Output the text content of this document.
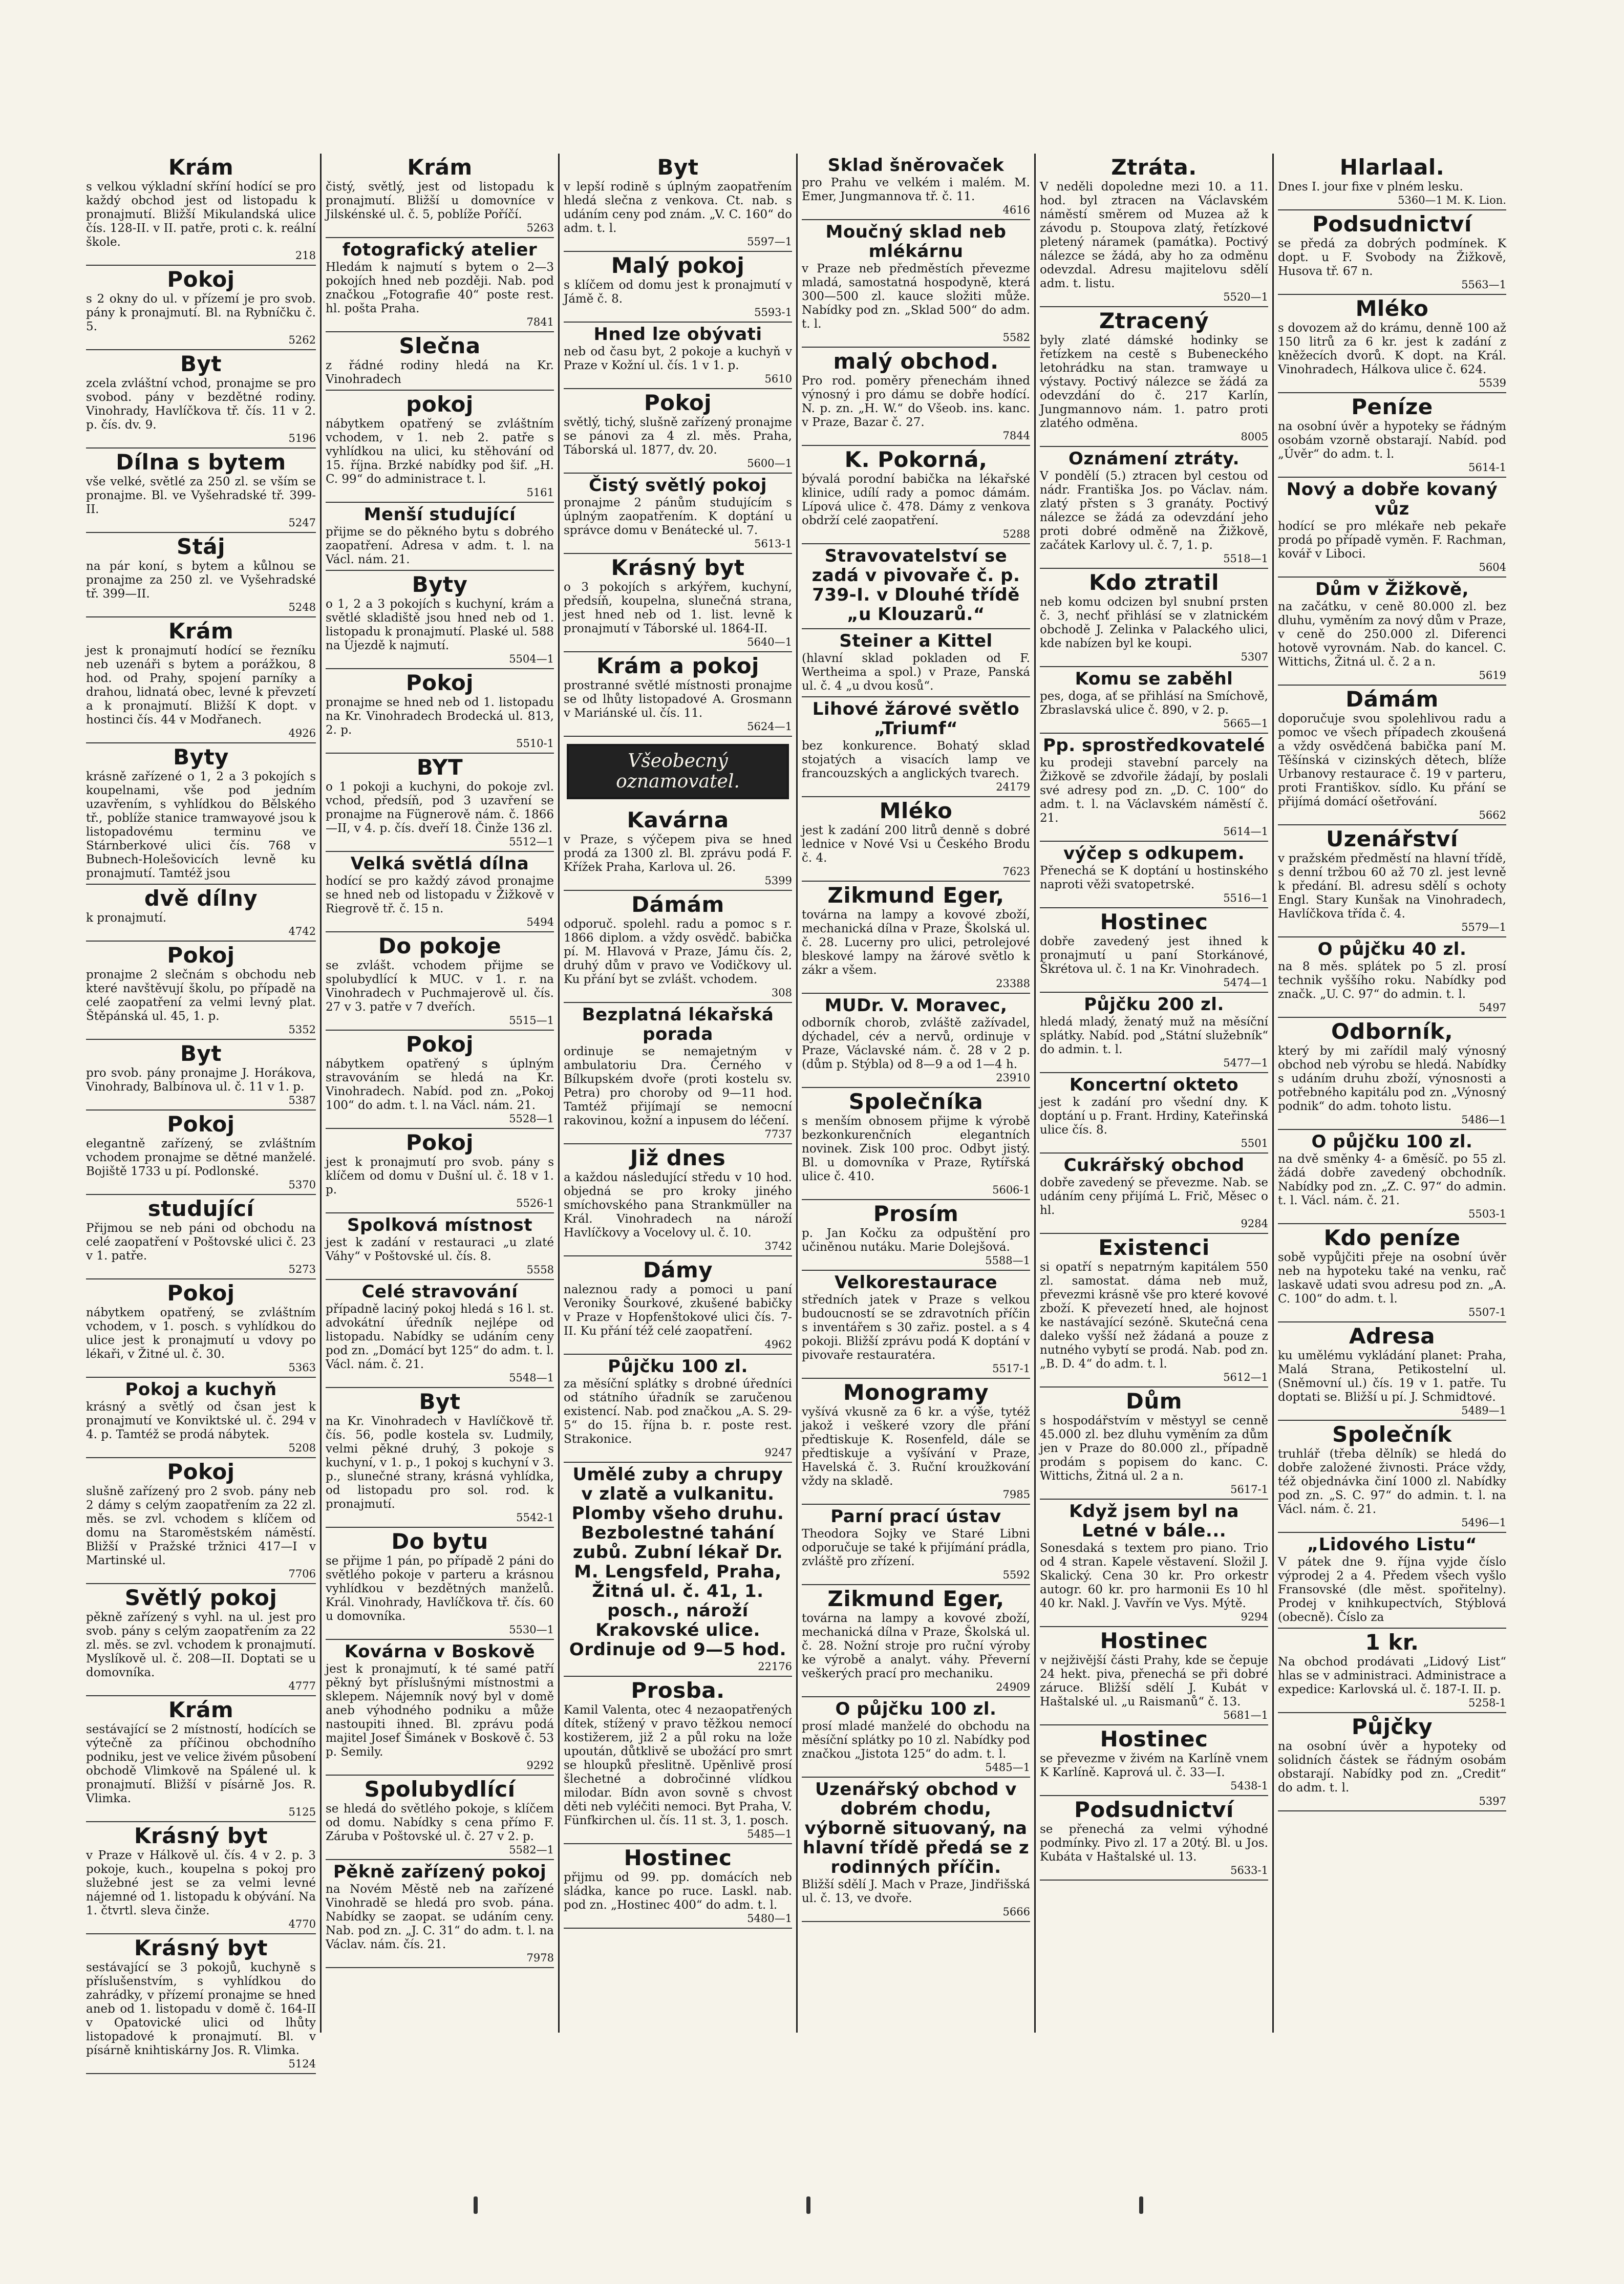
Krám

s velkou výkladní skříní hodící se pro každý obchod jest od listopadu k pronajmutí. Bližší Mikulandská ulice čís. 128-II. v II. patře, proti c. k. reální škole.

218

Pokoj

s 2 okny do ul. v přízemí je pro svob. pány k pronajmutí. Bl. na Rybníčku č. 5.

5262

Byt

zcela zvláštní vchod, pronajme se pro svobod. pány v bezdětné rodiny. Vinohrady, Havlíčkova tř. čís. 11 v 2. p. čís. dv. 9.

5196

Dílna s bytem

vše velké, světlé za 250 zl. se vším se pronajme. Bl. ve Vyšehradské tř. 399-II.

5247

Stáj

na pár koní, s bytem a kůlnou se pronajme za 250 zl. ve Vyšehradské tř. 399—II.

5248

Krám

jest k pronajmutí hodící se řezníku neb uzenáři s bytem a porážkou, 8 hod. od Prahy, spojení parníky a drahou, lidnatá obec, levné k převzetí a k pronajmutí. Bližší K dopt. v hostinci čís. 44 v Modřanech.

4926

Byty

krásně zařízené o 1, 2 a 3 pokojích s koupelnami, vše pod jedním uzavřením, s vyhlídkou do Bělského tř., poblíže stanice tramwayové jsou k listopadovému terminu ve Stárnberkové ulici čís. 768 v Bubnech-Holešovicích levně ku pronajmutí. Tamtéž jsou

dvě dílny

k pronajmutí.

4742

Pokoj

pronajme 2 slečnám s obchodu neb které navštěvují školu, po případě na celé zaopatření za velmi levný plat. Štěpánská ul. 45, 1. p.

5352

Byt

pro svob. pány pronajme J. Horákova, Vinohrady, Balbínova ul. č. 11 v 1. p.

5387

Pokoj

elegantně zařízený, se zvláštním vchodem pronajme se dětné manželé. Bojiště 1733 u pí. Podlonské.

5370

studující

Přijmou se neb páni od obchodu na celé zaopatření v Poštovské ulici č. 23 v 1. patře.

5273

Pokoj

nábytkem opatřený, se zvláštním vchodem, v 1. posch. s vyhlídkou do ulice jest k pronajmutí u vdovy po lékaři, v Žitné ul. č. 30.

5363

Pokoj a kuchyň

krásný a světlý od čsan jest k pronajmutí ve Konviktské ul. č. 294 v 4. p. Tamtéž se prodá nábytek.

5208

Pokoj

slušně zařízený pro 2 svob. pány neb 2 dámy s celým zaopatřením za 22 zl. měs. se zvl. vchodem s klíčem od domu na Staroměstském náměstí. Bližší v Pražské tržnici 417—I v Martinské ul.

7706

Světlý pokoj

pěkně zařízený s vyhl. na ul. jest pro svob. pány s celým zaopatřením za 22 zl. měs. se zvl. vchodem k pronajmutí. Myslíkově ul. č. 208—II. Doptati se u domovníka.

4777

Krám

sestávající se 2 místností, hodících se výtečně za příčinou obchodního podniku, jest ve velice živém působení obchodě Vlimkově na Spálené ul. k pronajmutí. Bližší v písárně Jos. R. Vlimka.

5125

Krásný byt

v Praze v Hálkově ul. čís. 4 v 2. p. 3 pokoje, kuch., koupelna s pokoj pro služebné jest se za velmi levné nájemné od 1. listopadu k obývání. Na 1. čtvrtl. sleva činže.

4770

Krásný byt

sestávající se 3 pokojů, kuchyně s příslušenstvím, s vyhlídkou do zahrádky, v přízemí pronajme se hned aneb od 1. listopadu v domě č. 164-II v Opatovické ulici od lhůty listopadové k pronajmutí. Bl. v písárně knihtiskárny Jos. R. Vlimka.

5124

Krám

čistý, světlý, jest od listopadu k pronajmutí. Bližší u domovníce v Jilskénské ul. č. 5, poblíže Poříčí.

5263

fotografický atelier

Hledám k najmutí s bytem o 2—3 pokojích hned neb později. Nab. pod značkou „Fotografie 40“ poste rest. hl. pošta Praha.

7841

Slečna

z řádné rodiny hledá na Kr. Vinohradech

pokoj

nábytkem opatřený se zvláštním vchodem, v 1. neb 2. patře s vyhlídkou na ulici, ku stěhování od 15. října. Brzké nabídky pod šif. „H. C. 99“ do administrace t. l.

5161

Menší studující

přijme se do pěkného bytu s dobrého zaopatření. Adresa v adm. t. l. na Václ. nám. 21.

Byty

o 1, 2 a 3 pokojích s kuchyní, krám a světlé skladiště jsou hned neb od 1. listopadu k pronajmutí. Plaské ul. 588 na Újezdě k najmutí.

5504—1

Pokoj

pronajme se hned neb od 1. listopadu na Kr. Vinohradech Brodecká ul. 813, 2. p.

5510-1

BYT

o 1 pokoji a kuchyni, do pokoje zvl. vchod, předsíň, pod 3 uzavření se pronajme na Fügnerově nám. č. 1866—II, v 4. p. čís. dveří 18. Činže 136 zl.

5512—1

Velká světlá dílna

hodící se pro každý závod pronajme se hned neb od listopadu v Žižkově v Riegrově tř. č. 15 n.

5494

Do pokoje

se zvlášt. vchodem přijme se spolubydlící k MUC. v 1. r. na Vinohradech v Puchmajerově ul. čís. 27 v 3. patře v 7 dveřích.

5515—1

Pokoj

nábytkem opatřený s úplným stravováním se hledá na Kr. Vinohradech. Nabíd. pod zn. „Pokoj 100“ do adm. t. l. na Václ. nám. 21.

5528—1

Pokoj

jest k pronajmutí pro svob. pány s klíčem od domu v Dušní ul. č. 18 v 1. p.

5526-1

Spolková místnost

jest k zadání v restauraci „u zlaté Váhy“ v Poštovské ul. čís. 8.

5558

Celé stravování

případně laciný pokoj hledá s 16 l. st. advokátní úředník nejlépe od listopadu. Nabídky se udáním ceny pod zn. „Domácí byt 125“ do adm. t. l. Václ. nám. č. 21.

5548—1

Byt

na Kr. Vinohradech v Havlíčkově tř. čís. 56, podle kostela sv. Ludmily, velmi pěkné druhý, 3 pokoje s kuchyní, v 1. p., 1 pokoj s kuchyní v 3. p., slunečné strany, krásná vyhlídka, od listopadu pro sol. rod. k pronajmutí.

5542-1

Do bytu

se přijme 1 pán, po případě 2 páni do světlého pokoje v parteru a krásnou vyhlídkou v bezdětných manželů. Král. Vinohrady, Havlíčkova tř. čís. 60 u domovníka.

5530—1

Kovárna v Boskově

jest k pronajmutí, k té samé patří pěkný byt příslušnými místnostmi a sklepem. Nájemník nový byl v domě aneb výhodného podniku a může nastoupiti ihned. Bl. zprávu podá majitel Josef Šimánek v Boskově č. 53 p. Semily.

9292

Spolubydlící

se hledá do světlého pokoje, s klíčem od domu. Nabídky s cena přímo F. Záruba v Poštovské ul. č. 27 v 2. p.

5582—1

Pěkně zařízený pokoj

na Novém Městě neb na zařízené Vinohradě se hledá pro svob. pána. Nabídky se zaopat. se udáním ceny. Nab. pod zn. „J. C. 31“ do adm. t. l. na Václav. nám. čís. 21.

7978

Byt

v lepší rodině s úplným zaopatřením hledá slečna z venkova. Ct. nab. s udáním ceny pod znám. „V. C. 160“ do adm. t. l.

5597—1

Malý pokoj

s klíčem od domu jest k pronajmutí v Jámě č. 8.

5593-1

Hned lze obývati

neb od času byt, 2 pokoje a kuchyň v Praze v Kožní ul. čís. 1 v 1. p.

5610

Pokoj

světlý, tichý, slušně zařízený pronajme se pánovi za 4 zl. měs. Praha, Táborská ul. 1877, dv. 20.

5600—1

Čistý světlý pokoj

pronajme 2 pánům studujícím s úplným zaopatřením. K doptání u správce domu v Benátecké ul. 7.

5613-1

Krásný byt

o 3 pokojích s arkýřem, kuchyní, předsíň, koupelna, slunečná strana, jest hned neb od 1. list. levně k pronajmutí v Táborské ul. 1864-II.

5640—1

Krám a pokoj

prostranné světlé místnosti pronajme se od lhůty listopadové A. Grosmann v Mariánské ul. čís. 11.

5624—1

Všeobecný
oznamovatel.
Kavárna

v Praze, s výčepem piva se hned prodá za 1300 zl. Bl. zprávu podá F. Křížek Praha, Karlova ul. 26.

5399

Dámám

odporuč. spolehl. radu a pomoc s r. 1866 diplom. a vždy osvědč. babička pí. M. Hlavová v Praze, Jámu čís. 2, druhý dům v pravo ve Vodičkovy ul. Ku přání byt se zvlášt. vchodem.

308

Bezplatná lékařská porada

ordinuje se nemajetným v ambulatoriu Dra. Černého v Bílkupském dvoře (proti kostelu sv. Petra) pro choroby od 9—11 hod. Tamtéž přijímají se nemocní rakovinou, kožní a inpusem do léčení.

7737

Již dnes

a každou následující středu v 10 hod. objedná se pro kroky jiného smíchovského pana Strankmüller na Král. Vinohradech na nároží Havlíčkovy a Vocelovy ul. č. 10.

3742

Dámy

naleznou rady a pomoci u paní Veroniky Šourkové, zkušené babičky v Praze v Hopfenštokové ulici čís. 7-II. Ku přání též celé zaopatření.

4962

Půjčku 100 zl.

za měsíční splátky s drobné úředníci od státního úřadník se zaručenou existencí. Nab. pod značkou „A. S. 29-5“ do 15. října b. r. poste rest. Strakonice.

9247

Umělé zuby a chrupy v zlatě a vulkanitu. Plomby všeho druhu. Bezbolestné tahání zubů. Zubní lékař Dr. M. Lengsfeld, Praha, Žitná ul. č. 41, 1. posch., nároží Krakovské ulice. Ordinuje od 9—5 hod.

22176

Prosba.

Kamil Valenta, otec 4 nezaopatřených dítek, stížený v pravo těžkou nemocí kostižerem, již 2 a půl roku na lože upoután, důtklivě se ubožácí pro smrt se hloupků přeslitně. Upěnlivě prosí šlechetné a dobročinné vlídkou milodar. Bídn avon sovně s chvost děti neb vyléčiti nemoci. Byt Praha, V. Fünfkirchen ul. čís. 11 st. 3, 1. posch.

5485—1

Hostinec

přijmu od 99. pp. domácích neb sládka, kance po ruce. Laskl. nab. pod zn. „Hostinec 400“ do adm. t. l.

5480—1

Sklad šněrovaček

pro Prahu ve velkém i malém. M. Emer, Jungmannova tř. č. 11.

4616

Moučný sklad neb mlékárnu

v Praze neb předměstích převezme mladá, samostatná hospodyně, která 300—500 zl. kauce složiti může. Nabídky pod zn. „Sklad 500“ do adm. t. l.

5582

malý obchod.

Pro rod. poměry přenechám ihned výnosný i pro dámu se dobře hodící. N. p. zn. „H. W.“ do Všeob. ins. kanc. v Praze, Bazar č. 27.

7844

K. Pokorná,

bývalá porodní babička na lékařské klinice, udílí rady a pomoc dámám. Lípová ulice č. 478. Dámy z venkova obdrží celé zaopatření.

5288

Stravovatelství se zadá v pivovaře č. p. 739-I. v Dlouhé třídě „u Klouzarů.“
Steiner a Kittel

(hlavní sklad pokladen od F. Wertheima a spol.) v Praze, Panská ul. č. 4 „u dvou kosů“.

Lihové žárové světlo „Triumf“

bez konkurence. Bohatý sklad stojatých a visacích lamp ve francouzských a anglických tvarech.

24179

Mléko

jest k zadání 200 litrů denně s dobré lednice v Nové Vsi u Českého Brodu č. 4.

7623

Zikmund Eger,

továrna na lampy a kovové zboží, mechanická dílna v Praze, Školská ul. č. 28. Lucerny pro ulici, petrolejové bleskové lampy na žárové světlo k zákr a všem.

23388

MUDr. V. Moravec,

odborník chorob, zvláště zažívadel, dýchadel, cév a nervů, ordinuje v Praze, Václavské nám. č. 28 v 2 p. (dům p. Stýbla) od 8—9 a od 1—4 h.

23910

Společníka

s menším obnosem přijme k výrobě bezkonkurenčních elegantních novinek. Zisk 100 proc. Odbyt jistý. Bl. u domovníka v Praze, Rytířská ulice č. 410.

5606-1

Prosím

p. Jan Kočku za odpuštění pro učiněnou nutáku. Marie Dolejšová.

5588—1

Velkorestaurace

středních jatek v Praze s velkou budoucností se se zdravotních příčin s inventářem s 30 zařiz. postel. a s 4 pokoji. Bližší zprávu podá K doptání v pivovaře restauratéra.

5517-1

Monogramy

vyšívá vkusně za 6 kr. a výše, tytéž jakož i veškeré vzory dle přání předtiskuje K. Rosenfeld, dále se předtiskuje a vyšívání v Praze, Havelská č. 3. Ruční kroužkování vždy na skladě.

7985

Parní prací ústav

Theodora Sojky ve Staré Libni odporučuje se také k přijímání prádla, zvláště pro zřízení.

5592

Zikmund Eger,

továrna na lampy a kovové zboží, mechanická dílna v Praze, Školská ul. č. 28. Nožní stroje pro ruční výroby ke výrobě a analyt. váhy. Převerní veškerých prací pro mechaniku.

24909

O půjčku 100 zl.

prosí mladé manželé do obchodu na měsíční splátky po 10 zl. Nabídky pod značkou „Jistota 125“ do adm. t. l.

5485—1

Uzenářský obchod v dobrém chodu, výborně situovaný, na hlavní třídě předá se z rodinných příčin.

Bližší sdělí J. Mach v Praze, Jindřišská ul. č. 13, ve dvoře.

5666

Ztráta.

V neděli dopoledne mezi 10. a 11. hod. byl ztracen na Václavském náměstí směrem od Muzea až k závodu p. Stoupova zlatý, řetízkové pletený náramek (památka). Poctivý nálezce se žádá, aby ho za odměnu odevzdal. Adresu majitelovu sdělí adm. t. listu.

5520—1

Ztracený

byly zlaté dámské hodinky se řetízkem na cestě s Bubeneckého letohrádku na stan. tramwaye u výstavy. Poctivý nálezce se žádá za odevzdání do č. 217 Karlín, Jungmannovo nám. 1. patro proti zlatého odměna.

8005

Oznámení ztráty.

V pondělí (5.) ztracen byl cestou od nádr. Františka Jos. po Václav. nám. zlatý přsten s 3 granáty. Poctivý nálezce se žádá za odevzdání jeho proti dobré odměně na Žižkově, začátek Karlovy ul. č. 7, 1. p.

5518—1

Kdo ztratil

neb komu odcizen byl snubní prsten č. 3, nechť přihlásí se v zlatnickém obchodě J. Zelinka v Palackého ulici, kde nabízen byl ke koupi.

5307

Komu se zaběhl

pes, doga, ať se přihlásí na Smíchově, Zbraslavská ulice č. 890, v 2. p.

5665—1

Pp. sprostředkovatelé

ku prodeji stavební parcely na Žižkově se zdvořile žádají, by poslali své adresy pod zn. „D. C. 100“ do adm. t. l. na Václavském náměstí č. 21.

5614—1

výčep s odkupem.

Přenechá se K doptání u hostinského naproti věži svatopetrské.

5516—1

Hostinec

dobře zavedený jest ihned k pronajmutí u paní Storkánové, Škrétova ul. č. 1 na Kr. Vinohradech.

5474—1

Půjčku 200 zl.

hledá mladý, ženatý muž na měsíční splátky. Nabíd. pod „Státní služebník“ do admin. t. l.

5477—1

Koncertní okteto

jest k zadání pro všední dny. K doptání u p. Frant. Hrdiny, Kateřinská ulice čís. 8.

5501

Cukrářský obchod

dobře zavedený se převezme. Nab. se udáním ceny přijímá L. Frič, Měsec o hl.

9284

Existenci

si opatří s nepatrným kapitálem 550 zl. samostat. dáma neb muž, převezmi krásně vše pro které kovové zboží. K převezetí hned, ale hojnost ke nastávající sezóně. Skutečná cena daleko vyšší než žádaná a pouze z nutného vybytí se prodá. Nab. pod zn. „B. D. 4“ do adm. t. l.

5612—1

Dům

s hospodářstvím v městyyl se cenně 45.000 zl. bez dluhu vyměním za dům jen v Praze do 80.000 zl., případně prodám s popisem do kanc. C. Wittichs, Žitná ul. 2 a n.

5617-1

Když jsem byl na Letné v bále...

Sonesdaká s textem pro piano. Trio od 4 stran. Kapele věstavení. Složil J. Skalický. Cena 30 kr. Pro orkestr autogr. 60 kr. pro harmonii Es 10 hl 40 kr. Nakl. J. Vavřín ve Vys. Mýtě.

9294

Hostinec

v nejživější části Prahy, kde se čepuje 24 hekt. piva, přenechá se při dobré záruce. Bližší sdělí J. Kubát v Haštalské ul. „u Raismanů“ č. 13.

5681—1

Hostinec

se převezme v živém na Karlíně vnem K Karlíně. Kaprová ul. č. 33—I.

5438-1

Podsudnictví

se přenechá za velmi výhodné podmínky. Pivo zl. 17 a 20tý. Bl. u Jos. Kubáta v Haštalské ul. 13.

5633-1

Hlarlaal.

Dnes I. jour fixe v plném lesku.

5360—1 M. K. Lion.

Podsudnictví

se předá za dobrých podmínek. K dopt. u F. Svobody na Žižkově, Husova tř. 67 n.

5563—1

Mléko

s dovozem až do krámu, denně 100 až 150 litrů za 6 kr. jest k zadání z kněžecích dvorů. K dopt. na Král. Vinohradech, Hálkova ulice č. 624.

5539

Peníze

na osobní úvěr a hypoteky se řádným osobám vzorně obstarají. Nabíd. pod „Úvěr“ do adm. t. l.

5614-1

Nový a dobře kovaný vůz

hodící se pro mlékaře neb pekaře prodá po případě vyměn. F. Rachman, kovář v Liboci.

5604

Dům v Žižkově,

na začátku, v ceně 80.000 zl. bez dluhu, vyměním za nový dům v Praze, v ceně do 250.000 zl. Diferenci hotově vyrovnám. Nab. do kancel. C. Wittichs, Žitná ul. č. 2 a n.

5619

Dámám

doporučuje svou spolehlivou radu a pomoc ve všech případech zkoušená a vždy osvědčená babička paní M. Těšínská v cizinských dětech, blíže Urbanovy restaurace č. 19 v parteru, proti Františkov. sídlo. Ku přání se přijímá domácí ošetřování.

5662

Uzenářství

v pražském předměstí na hlavní třídě, s denní tržbou 60 až 70 zl. jest levně k předání. Bl. adresu sdělí s ochoty Engl. Stary Kunšak na Vinohradech, Havlíčkova třída č. 4.

5579—1

O půjčku 40 zl.

na 8 měs. splátek po 5 zl. prosí technik vyššího roku. Nabídky pod značk. „U. C. 97“ do admin. t. l.

5497

Odborník,

který by mi zařídil malý výnosný obchod neb výrobu se hledá. Nabídky s udáním druhu zboží, výnosnosti a potřebného kapitálu pod zn. „Výnosný podnik“ do adm. tohoto listu.

5486—1

O půjčku 100 zl.

na dvě směnky 4- a 6měsíč. po 55 zl. žádá dobře zavedený obchodník. Nabídky pod zn. „Z. C. 97“ do admin. t. l. Václ. nám. č. 21.

5503-1

Kdo peníze

sobě vypůjčiti přeje na osobní úvěr neb na hypoteku také na venku, rač laskavě udati svou adresu pod zn. „A. C. 100“ do adm. t. l.

5507-1

Adresa

ku umělému vykládání planet: Praha, Malá Strana, Petikostelní ul. (Sněmovní ul.) čís. 19 v 1. patře. Tu doptati se. Bližší u pí. J. Schmidtové.

5489—1

Společník

truhlář (třeba dělník) se hledá do dobře založené živnosti. Práce vždy, též objednávka činí 1000 zl. Nabídky pod zn. „S. C. 97“ do admin. t. l. na Václ. nám. č. 21.

5496—1

„Lidového Listu“

V pátek dne 9. října vyjde číslo výprodej 2 a 4. Předem všech vyšlo Fransovské (dle měst. spořitelny). Prodej v knihkupectvích, Stýblová (obecně). Číslo za

1 kr.

Na obchod prodávati „Lidový List“ hlas se v administraci. Administrace a expedice: Karlovská ul. č. 187-I. II. p.

5258-1

Půjčky

na osobní úvěr a hypoteky od solidních částek se řádným osobám obstarají. Nabídky pod zn. „Credit“ do adm. t. l.

5397
